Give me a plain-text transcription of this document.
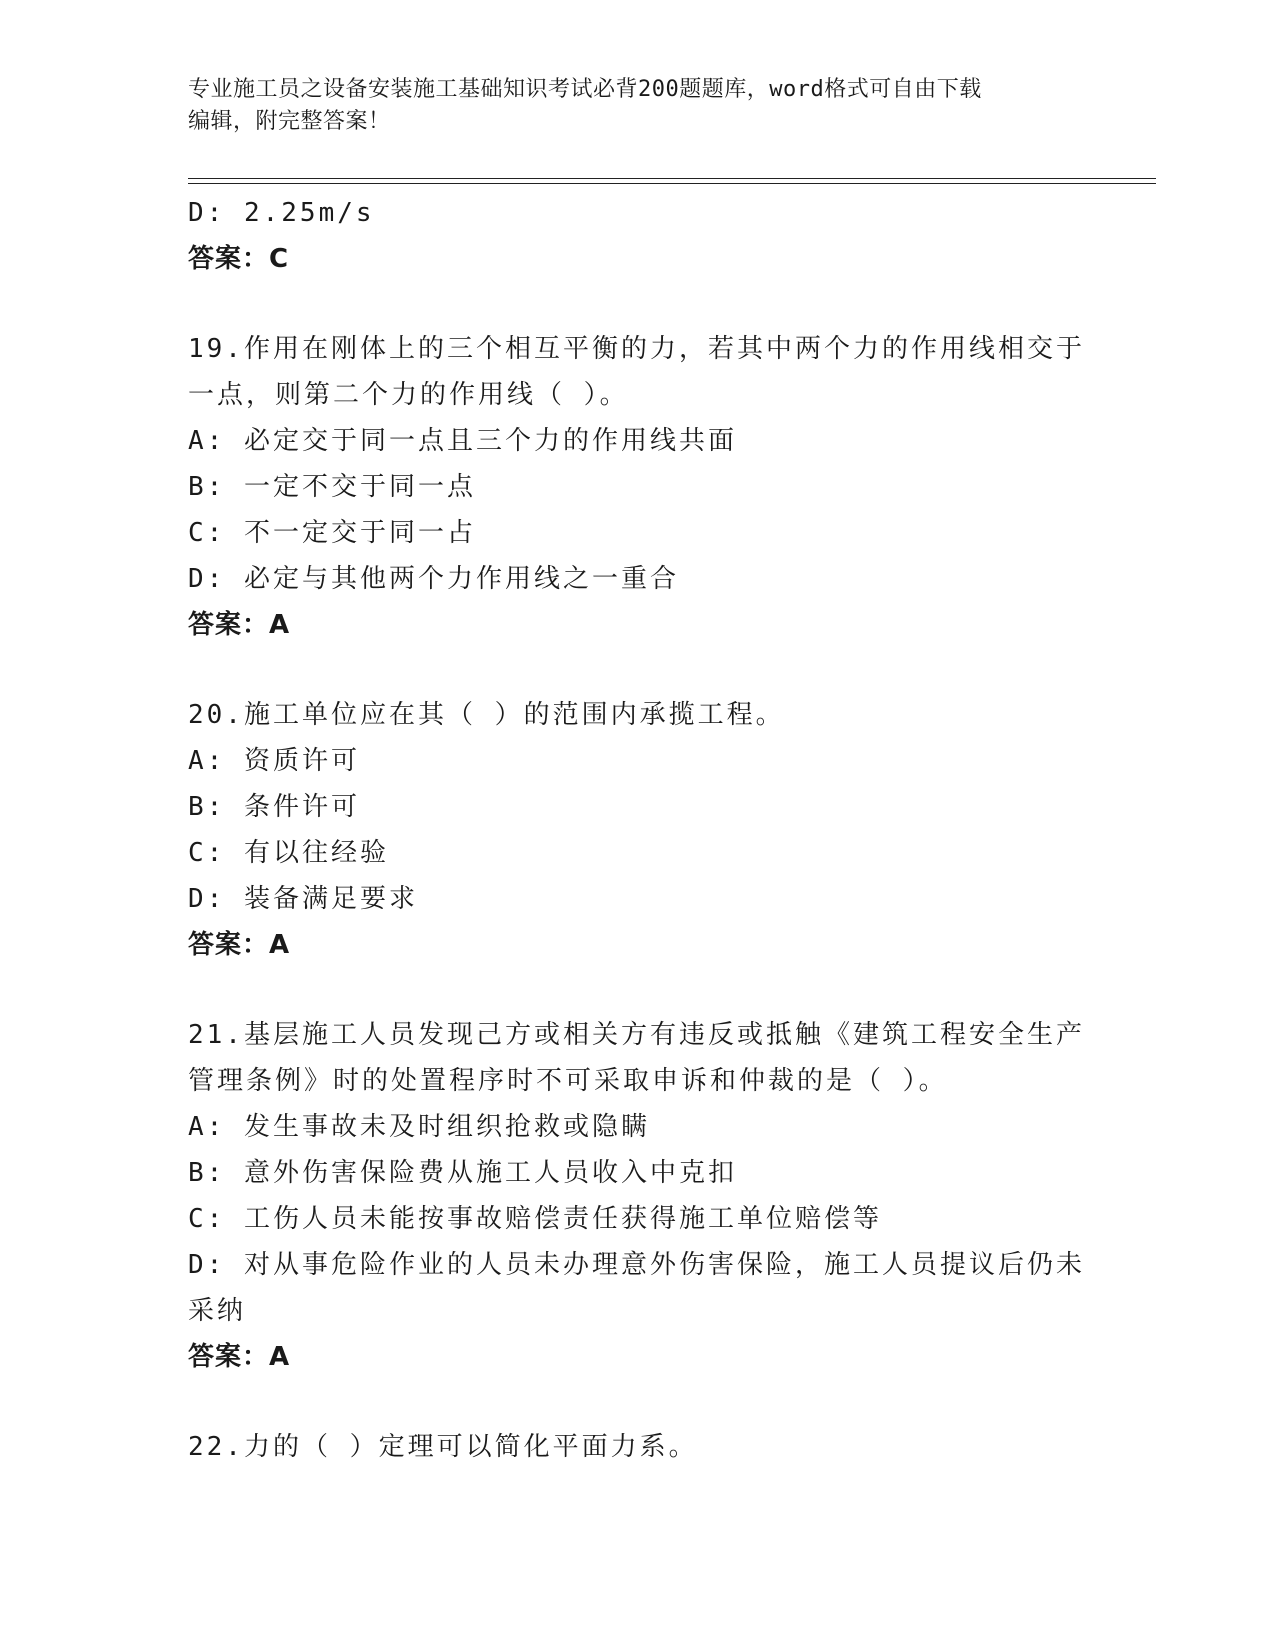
专业施工员之设备安装施工基础知识考试必背200题题库，word格式可自由下载
编辑，附完整答案！
D: 2.25m/s
答案：C
19.作用在刚体上的三个相互平衡的力，若其中两个力的作用线相交于
一点，则第二个力的作用线（ ）。
A: 必定交于同一点且三个力的作用线共面
B: 一定不交于同一点
C: 不一定交于同一占
D: 必定与其他两个力作用线之一重合
答案：A
20.施工单位应在其（ ）的范围内承揽工程。
A: 资质许可
B: 条件许可
C: 有以往经验
D: 装备满足要求
答案：A
21.基层施工人员发现己方或相关方有违反或抵触《建筑工程安全生产
管理条例》时的处置程序时不可采取申诉和仲裁的是（ ）。
A: 发生事故未及时组织抢救或隐瞒
B: 意外伤害保险费从施工人员收入中克扣
C: 工伤人员未能按事故赔偿责任获得施工单位赔偿等
D: 对从事危险作业的人员未办理意外伤害保险，施工人员提议后仍未
采纳
答案：A
22.力的（ ）定理可以简化平面力系。
